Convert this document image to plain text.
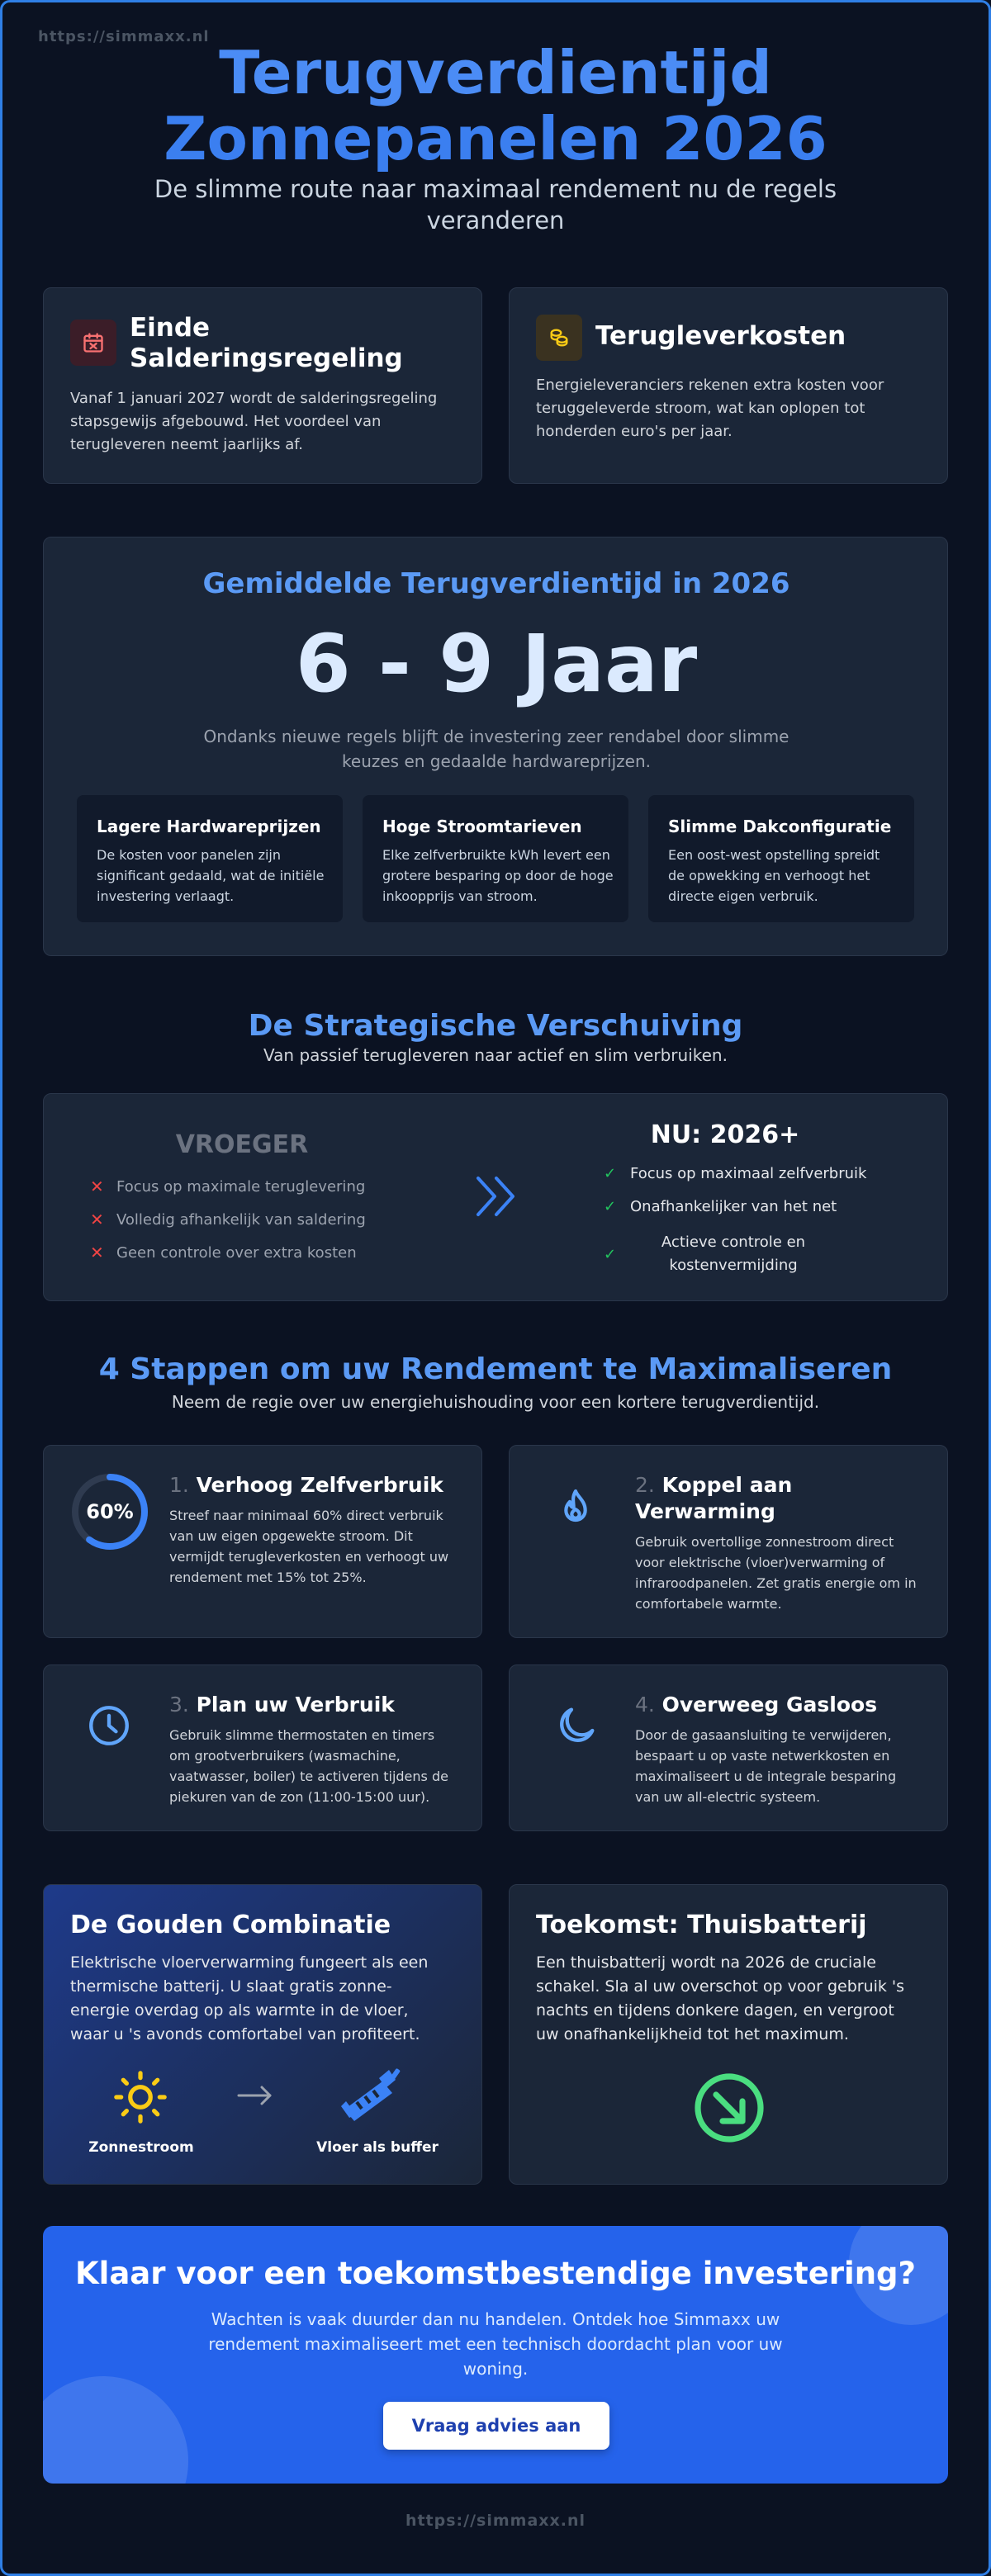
https://simmaxx.nl
Terugverdientijd
Zonnepanelen 2026
De slimme route naar maximaal rendement nu de regels veranderen
Einde Salderingsregeling
Vanaf 1 januari 2027 wordt de salderingsregeling stapsgewijs afgebouwd. Het voordeel van terugleveren neemt jaarlijks af.
Terugleverkosten
Energieleveranciers rekenen extra kosten voor teruggeleverde stroom, wat kan oplopen tot honderden euro's per jaar.
Gemiddelde Terugverdientijd in 2026
6 - 9 Jaar
Ondanks nieuwe regels blijft de investering zeer rendabel door slimme keuzes en gedaalde hardwareprijzen.
Lagere Hardwareprijzen
De kosten voor panelen zijn significant gedaald, wat de initiële investering verlaagt.
Hoge Stroomtarieven
Elke zelfverbruikte kWh levert een grotere besparing op door de hoge inkoopprijs van stroom.
Slimme Dakconfiguratie
Een oost-west opstelling spreidt de opwekking en verhoogt het directe eigen verbruik.
De Strategische Verschuiving
Van passief terugleveren naar actief en slim verbruiken.
VROEGER
✕ Focus op maximale teruglevering
✕ Volledig afhankelijk van saldering
✕ Geen controle over extra kosten
NU: 2026+
✓ Focus op maximaal zelfverbruik
✓ Onafhankelijker van het net
✓
Actieve controle en kostenvermijding
4 Stappen om uw Rendement te Maximaliseren
Neem de regie over uw energiehuishouding voor een kortere terugverdientijd.
60%
1. Verhoog Zelfverbruik
Streef naar minimaal 60% direct verbruik van uw eigen opgewekte stroom. Dit vermijdt terugleverkosten en verhoogt uw rendement met 15% tot 25%.
2. Koppel aan Verwarming
Gebruik overtollige zonnestroom direct voor elektrische (vloer)verwarming of infraroodpanelen. Zet gratis energie om in comfortabele warmte.
3. Plan uw Verbruik
Gebruik slimme thermostaten en timers om grootverbruikers (wasmachine, vaatwasser, boiler) te activeren tijdens de piekuren van de zon (11:00-15:00 uur).
4. Overweeg Gasloos
Door de gasaansluiting te verwijderen, bespaart u op vaste netwerkkosten en maximaliseert u de integrale besparing van uw all-electric systeem.
De Gouden Combinatie
Elektrische vloerverwarming fungeert als een thermische batterij. U slaat gratis zonne-energie overdag op als warmte in de vloer, waar u 's avonds comfortabel van profiteert.
Zonnestroom	Vloer als buffer
Toekomst: Thuisbatterij
Een thuisbatterij wordt na 2026 de cruciale schakel. Sla al uw overschot op voor gebruik 's nachts en tijdens donkere dagen, en vergroot uw onafhankelijkheid tot het maximum.
Klaar voor een toekomstbestendige investering?
Wachten is vaak duurder dan nu handelen. Ontdek hoe Simmaxx uw rendement maximaliseert met een technisch doordacht plan voor uw woning.
Vraag advies aan
https://simmaxx.nl
